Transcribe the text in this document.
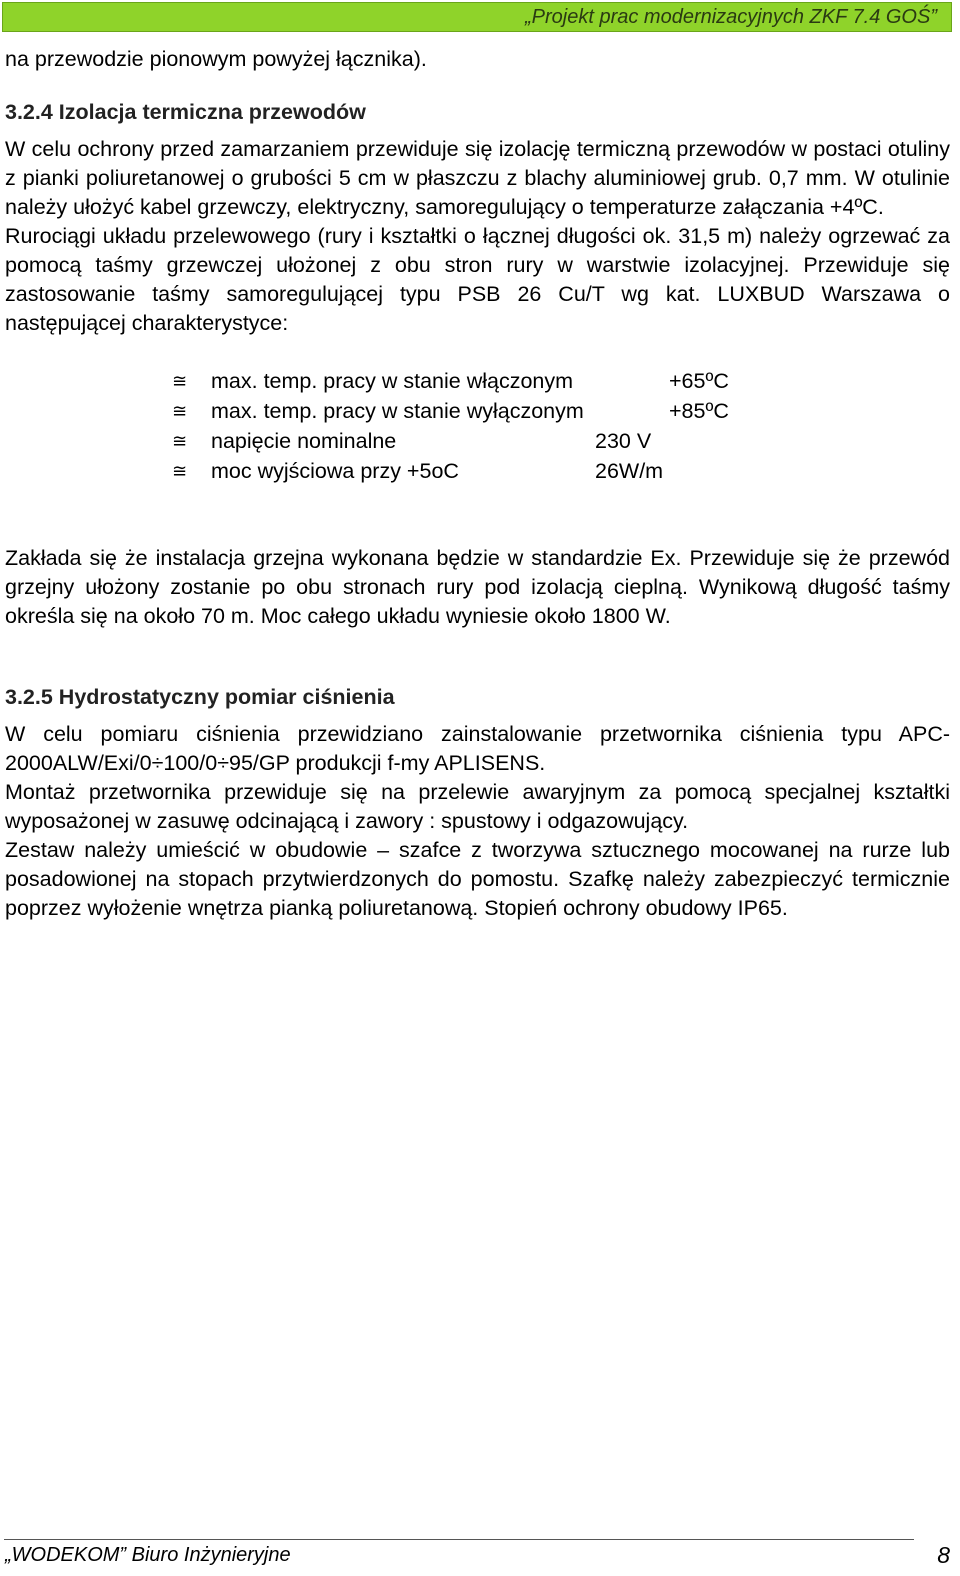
„Projekt prac modernizacyjnych ZKF 7.4 GOŚ”
na przewodzie pionowym powyżej łącznika).
3.2.4 Izolacja termiczna przewodów

W celu ochrony przed zamarzaniem przewiduje się izolację termiczną przewodów w postaci otuliny z pianki poliuretanowej o grubości 5 cm w płaszczu z blachy aluminiowej grub. 0,7 mm. W otulinie należy ułożyć kabel grzewczy, elektryczny, samoregulujący o temperaturze załączania +4ºC.

Rurociągi układu przelewowego (rury i kształtki o łącznej długości ok. 31,5 m) należy ogrzewać za pomocą taśmy grzewczej ułożonej z obu stron rury w warstwie izolacyjnej. Przewiduje się zastosowanie taśmy samoregulującej typu PSB 26 Cu/T wg kat. LUXBUD Warszawa o następującej charakterystyce:

≅ max. temp. pracy w stanie włączonym	+65ºC
≅ max. temp. pracy w stanie wyłączonym	+85ºC
≅ napięcie nominalne	230 V
≅ moc wyjściowa przy +5oC	26W/m
Zakłada się że instalacja grzejna wykonana będzie w standardzie Ex. Przewiduje się że przewód grzejny ułożony zostanie po obu stronach rury pod izolacją cieplną. Wynikową długość taśmy określa się na około 70 m. Moc całego układu wyniesie około 1800 W.
3.2.5 Hydrostatyczny pomiar ciśnienia

W celu pomiaru ciśnienia przewidziano zainstalowanie przetwornika ciśnienia typu APC-2000ALW/Exi/0÷100/0÷95/GP produkcji f-my APLISENS.

Montaż przetwornika przewiduje się na przelewie awaryjnym za pomocą specjalnej kształtki wyposażonej w zasuwę odcinającą i zawory : spustowy i odgazowujący.

Zestaw należy umieścić w obudowie – szafce z tworzywa sztucznego mocowanej na rurze lub posadowionej na stopach przytwierdzonych do pomostu. Szafkę należy zabezpieczyć termicznie poprzez wyłożenie wnętrza pianką poliuretanową. Stopień ochrony obudowy IP65.

„WODEKOM” Biuro Inżynieryjne	8
